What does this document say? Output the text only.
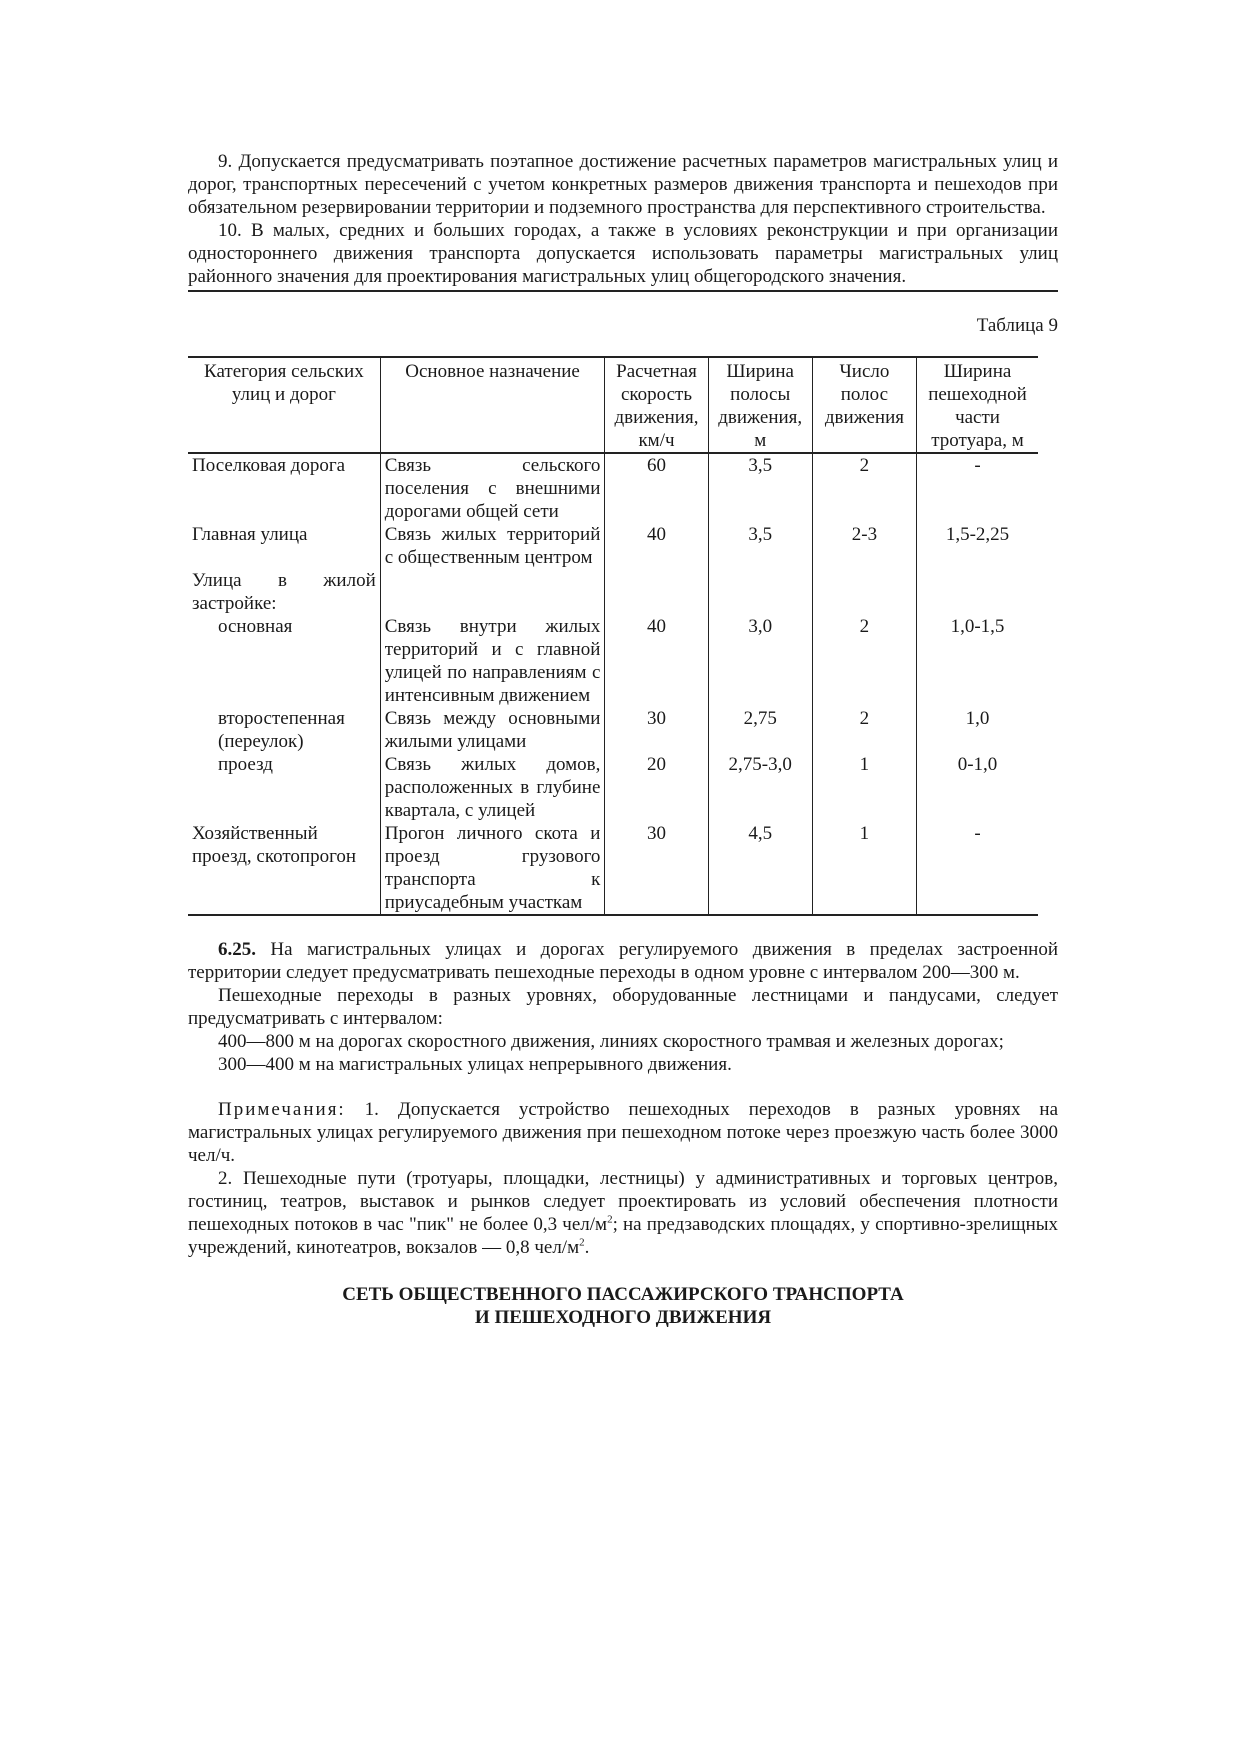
9. Допускается предусматривать поэтапное достижение расчетных параметров магистральных улиц и дорог, транспортных пересечений с учетом конкретных размеров движения транспорта и пешеходов при обязательном резервировании территории и подземного пространства для перспективного строительства.

10. В малых, средних и больших городах, а также в условиях реконструкции и при организации одностороннего движения транспорта допускается использовать параметры магистральных улиц районного значения для проектирования магистральных улиц общегородского значения.

Таблица 9
Категория сельских улиц и дорог	Основное назначение	Расчетная скорость движения, км/ч	Ширина полосы движения, м	Число полос движения	Ширина пешеходной части тротуара, м
Поселковая дорога	Связь сельского поселения с внешними дорогами общей сети	60	3,5	2	-
Главная улица	Связь жилых территорий с общественным центром	40	3,5	2-3	1,5-2,25
Улица в жилой застройке:					
основная	Связь внутри жилых территорий и с главной улицей по направлениям с интенсивным движением	40	3,0	2	1,0-1,5
второстепенная (переулок)	Связь между основными жилыми улицами	30	2,75	2	1,0
проезд	Связь жилых домов, расположенных в глубине квартала, с улицей	20	2,75-3,0	1	0-1,0
Хозяйственный проезд, скотопрогон	Прогон личного скота и проезд грузового транспорта к приусадебным участкам	30	4,5	1	-

6.25. На магистральных улицах и дорогах регулируемого движения в пределах застроенной территории следует предусматривать пешеходные переходы в одном уровне с интервалом 200—300 м.

Пешеходные переходы в разных уровнях, оборудованные лестницами и пандусами, следует предусматривать с интервалом:

400—800 м на дорогах скоростного движения, линиях скоростного трамвая и железных дорогах;

300—400 м на магистральных улицах непрерывного движения.

Примечания: 1. Допускается устройство пешеходных переходов в разных уровнях на магистральных улицах регулируемого движения при пешеходном потоке через проезжую часть более 3000 чел/ч.

2. Пешеходные пути (тротуары, площадки, лестницы) у административных и торговых центров, гостиниц, театров, выставок и рынков следует проектировать из условий обеспечения плотности пешеходных потоков в час "пик" не более 0,3 чел/$м^2$; на предзаводских площадях, у спортивно-зрелищных учреждений, кинотеатров, вокзалов — 0,8 чел/$м^2$.

СЕТЬ ОБЩЕСТВЕННОГО ПАССАЖИРСКОГО ТРАНСПОРТА
И ПЕШЕХОДНОГО ДВИЖЕНИЯ
